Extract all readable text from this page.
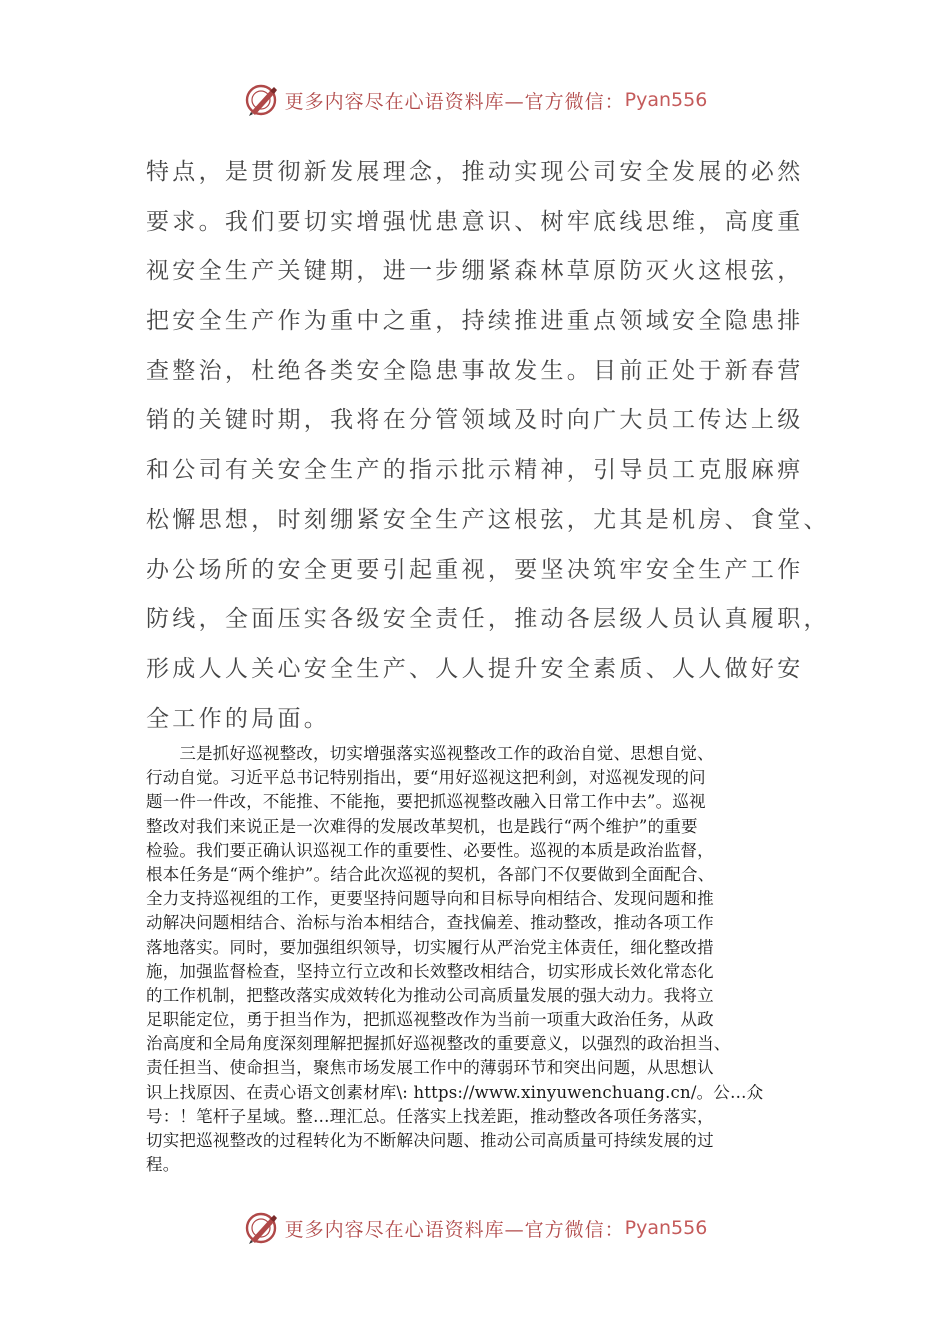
更多内容尽在心语资料库—官方微信： Pyan556
特点，是贯彻新发展理念，推动实现公司安全发展的必然
要求。我们要切实增强忧患意识、树牢底线思维，高度重
视安全生产关键期，进一步绷紧森林草原防灭火这根弦，
把安全生产作为重中之重，持续推进重点领域安全隐患排
查整治，杜绝各类安全隐患事故发生。目前正处于新春营
销的关键时期，我将在分管领域及时向广大员工传达上级
和公司有关安全生产的指示批示精神，引导员工克服麻痹
松懈思想，时刻绷紧安全生产这根弦，尤其是机房、食堂、
办公场所的安全更要引起重视，要坚决筑牢安全生产工作
防线，全面压实各级安全责任，推动各层级人员认真履职，
形成人人关心安全生产、人人提升安全素质、人人做好安
全工作的局面。
　　三是抓好巡视整改，切实增强落实巡视整改工作的政治自觉、思想自觉、
行动自觉。习近平总书记特别指出，要“用好巡视这把利剑，对巡视发现的问
题一件一件改，不能推、不能拖，要把抓巡视整改融入日常工作中去”。巡视
整改对我们来说正是一次难得的发展改革契机，也是践行“两个维护”的重要
检验。我们要正确认识巡视工作的重要性、必要性。巡视的本质是政治监督，
根本任务是“两个维护”。结合此次巡视的契机，各部门不仅要做到全面配合、
全力支持巡视组的工作，更要坚持问题导向和目标导向相结合、发现问题和推
动解决问题相结合、治标与治本相结合，查找偏差、推动整改，推动各项工作
落地落实。同时，要加强组织领导，切实履行从严治党主体责任，细化整改措
施，加强监督检查，坚持立行立改和长效整改相结合，切实形成长效化常态化
的工作机制，把整改落实成效转化为推动公司高质量发展的强大动力。我将立
足职能定位，勇于担当作为，把抓巡视整改作为当前一项重大政治任务，从政
治高度和全局角度深刻理解把握抓好巡视整改的重要意义，以强烈的政治担当、
责任担当、使命担当，聚焦市场发展工作中的薄弱环节和突出问题，从思想认
识上找原因、在责心语文创素材库\: https://www.xinyuwenchuang.cn/。公…众
号：！笔杆子星域。整…理汇总。任落实上找差距，推动整改各项任务落实，
切实把巡视整改的过程转化为不断解决问题、推动公司高质量可持续发展的过
程。
更多内容尽在心语资料库—官方微信： Pyan556
